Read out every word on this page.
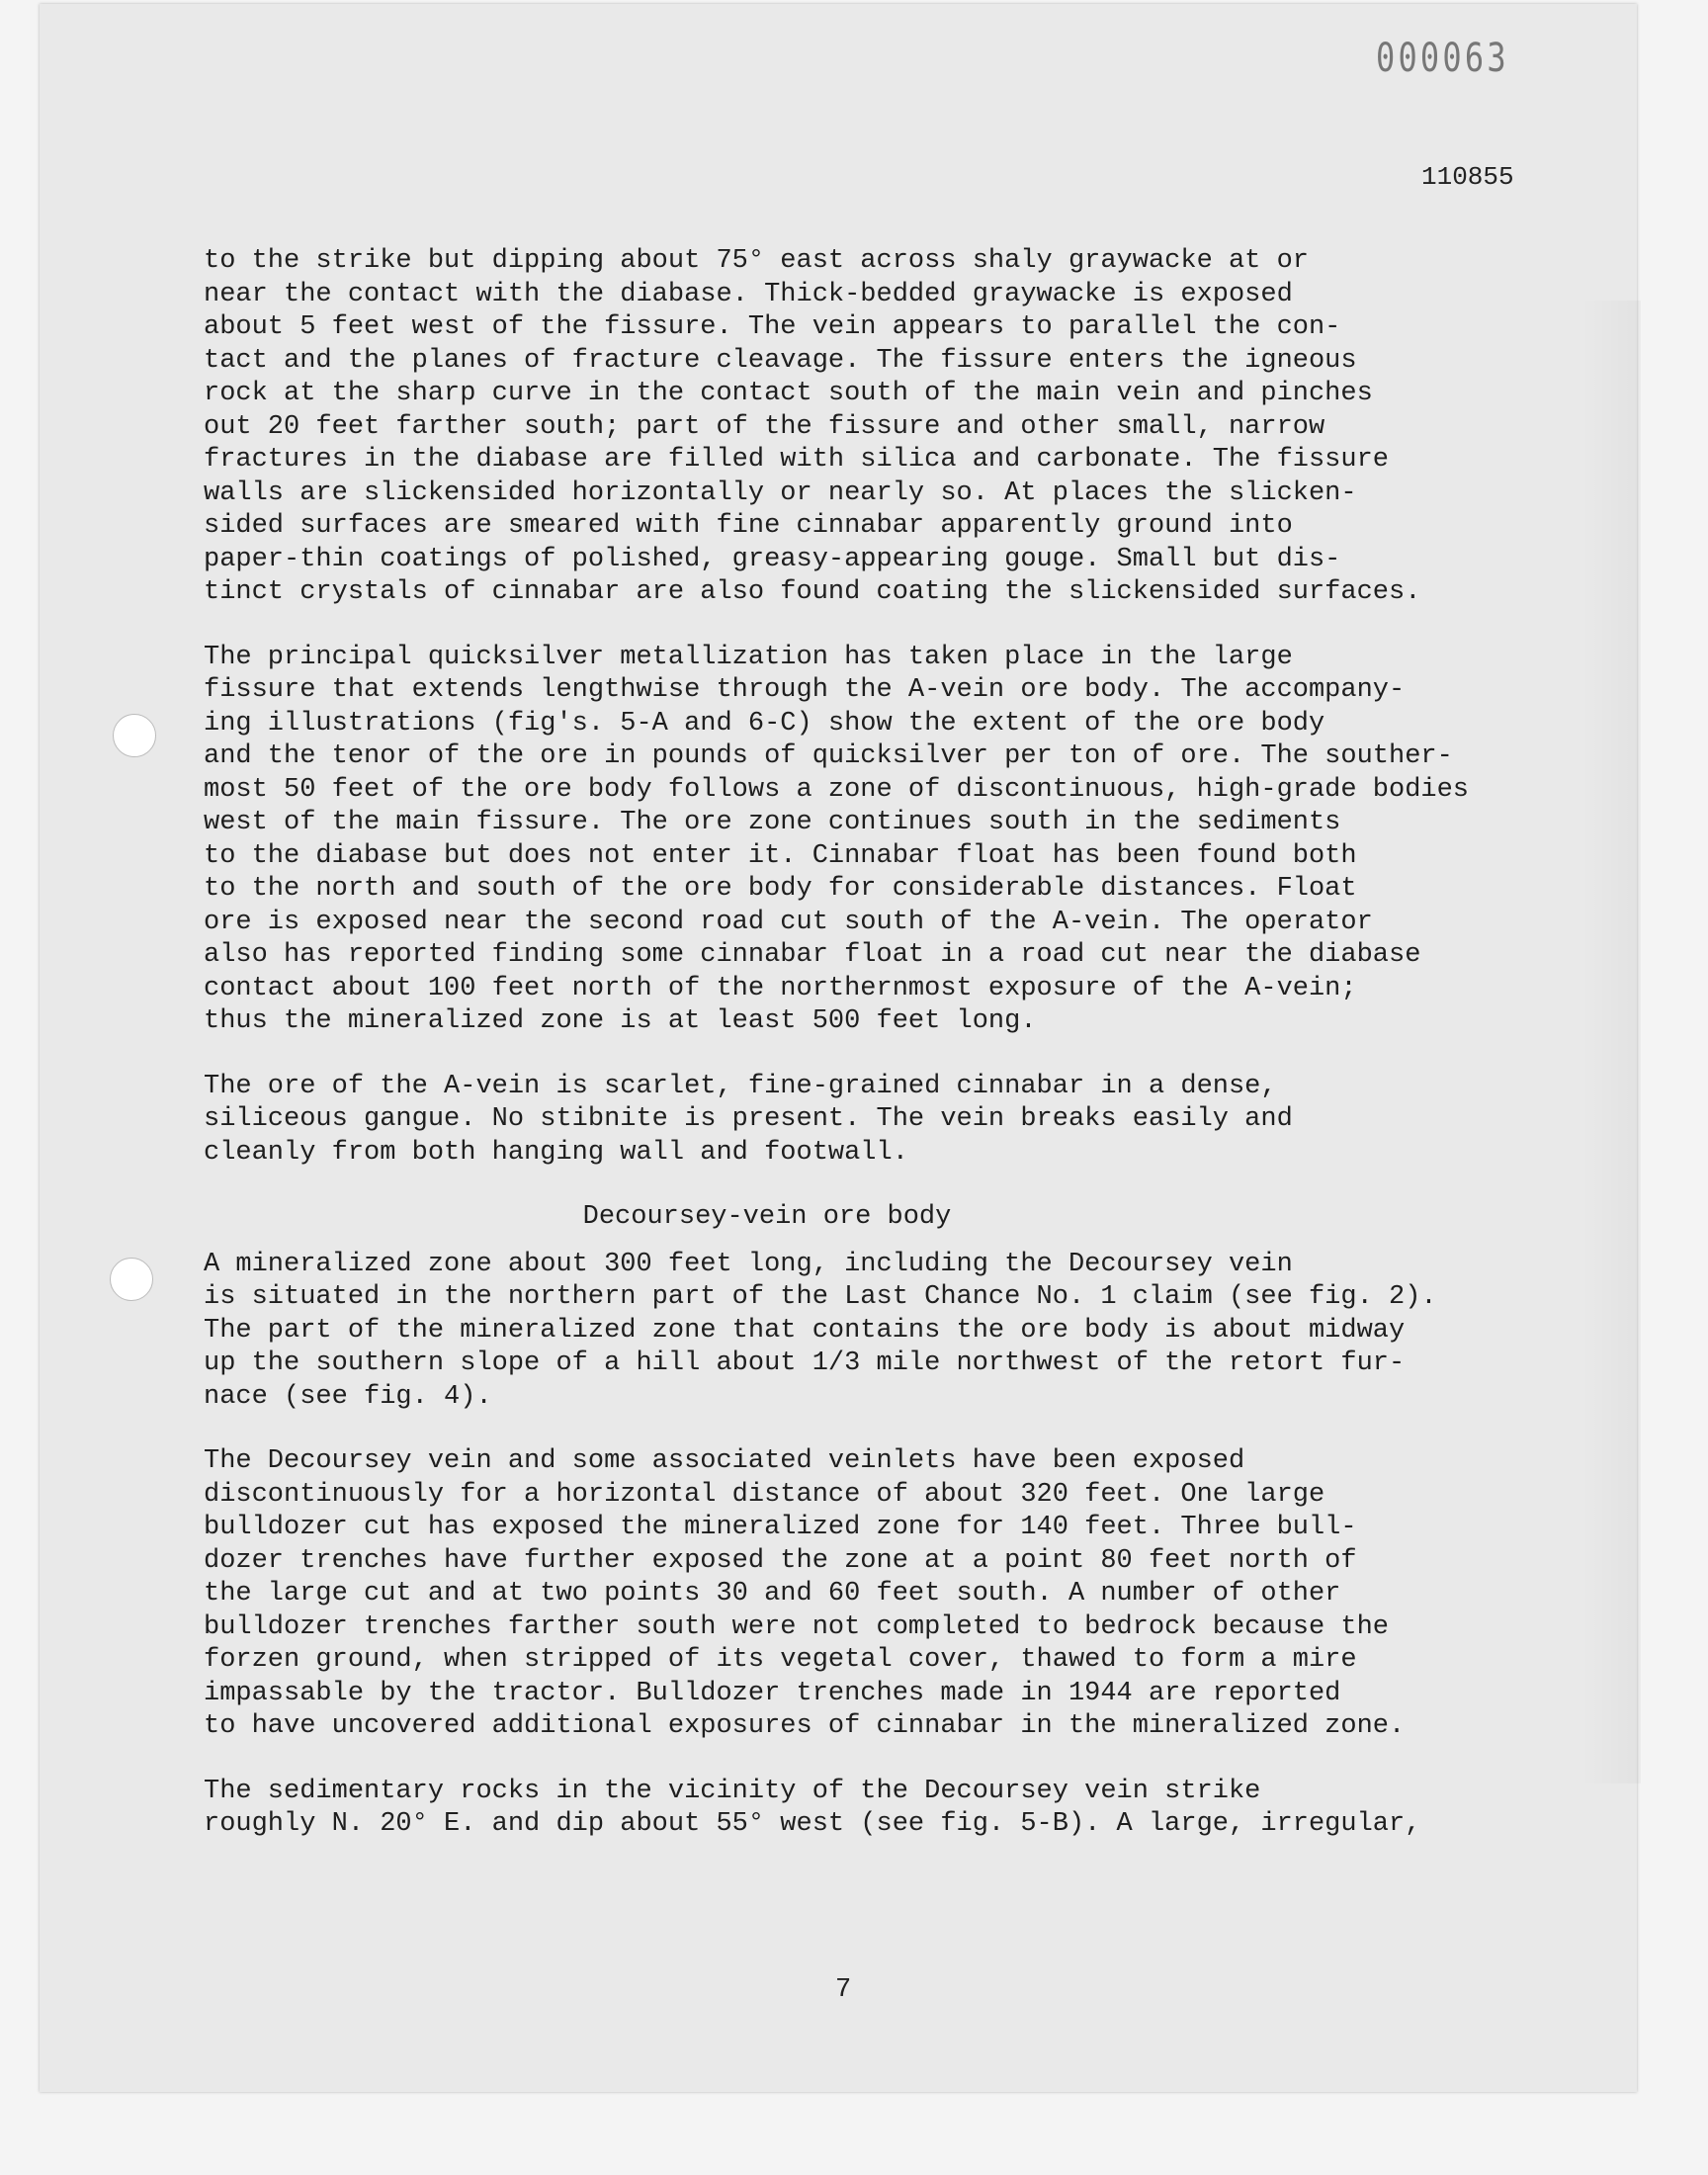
000063

110855

to the strike but dipping about 75° east across shaly graywacke at or
near the contact with the diabase. Thick-bedded graywacke is exposed
about 5 feet west of the fissure. The vein appears to parallel the con-
tact and the planes of fracture cleavage. The fissure enters the igneous
rock at the sharp curve in the contact south of the main vein and pinches
out 20 feet farther south; part of the fissure and other small, narrow
fractures in the diabase are filled with silica and carbonate. The fissure
walls are slickensided horizontally or nearly so. At places the slicken-
sided surfaces are smeared with fine cinnabar apparently ground into
paper-thin coatings of polished, greasy-appearing gouge. Small but dis-
tinct crystals of cinnabar are also found coating the slickensided surfaces.

The principal quicksilver metallization has taken place in the large
fissure that extends lengthwise through the A-vein ore body. The accompany-
ing illustrations (fig's. 5-A and 6-C) show the extent of the ore body
and the tenor of the ore in pounds of quicksilver per ton of ore. The souther-
most 50 feet of the ore body follows a zone of discontinuous, high-grade bodies
west of the main fissure. The ore zone continues south in the sediments
to the diabase but does not enter it. Cinnabar float has been found both
to the north and south of the ore body for considerable distances. Float
ore is exposed near the second road cut south of the A-vein. The operator
also has reported finding some cinnabar float in a road cut near the diabase
contact about 100 feet north of the northernmost exposure of the A-vein;
thus the mineralized zone is at least 500 feet long.

The ore of the A-vein is scarlet, fine-grained cinnabar in a dense,
siliceous gangue. No stibnite is present. The vein breaks easily and
cleanly from both hanging wall and footwall.

Decoursey-vein ore body

A mineralized zone about 300 feet long, including the Decoursey vein
is situated in the northern part of the Last Chance No. 1 claim (see fig. 2).
The part of the mineralized zone that contains the ore body is about midway
up the southern slope of a hill about 1/3 mile northwest of the retort fur-
nace (see fig. 4).

The Decoursey vein and some associated veinlets have been exposed
discontinuously for a horizontal distance of about 320 feet. One large
bulldozer cut has exposed the mineralized zone for 140 feet. Three bull-
dozer trenches have further exposed the zone at a point 80 feet north of
the large cut and at two points 30 and 60 feet south. A number of other
bulldozer trenches farther south were not completed to bedrock because the
forzen ground, when stripped of its vegetal cover, thawed to form a mire
impassable by the tractor. Bulldozer trenches made in 1944 are reported
to have uncovered additional exposures of cinnabar in the mineralized zone.

The sedimentary rocks in the vicinity of the Decoursey vein strike
roughly N. 20° E. and dip about 55° west (see fig. 5-B). A large, irregular,

7
